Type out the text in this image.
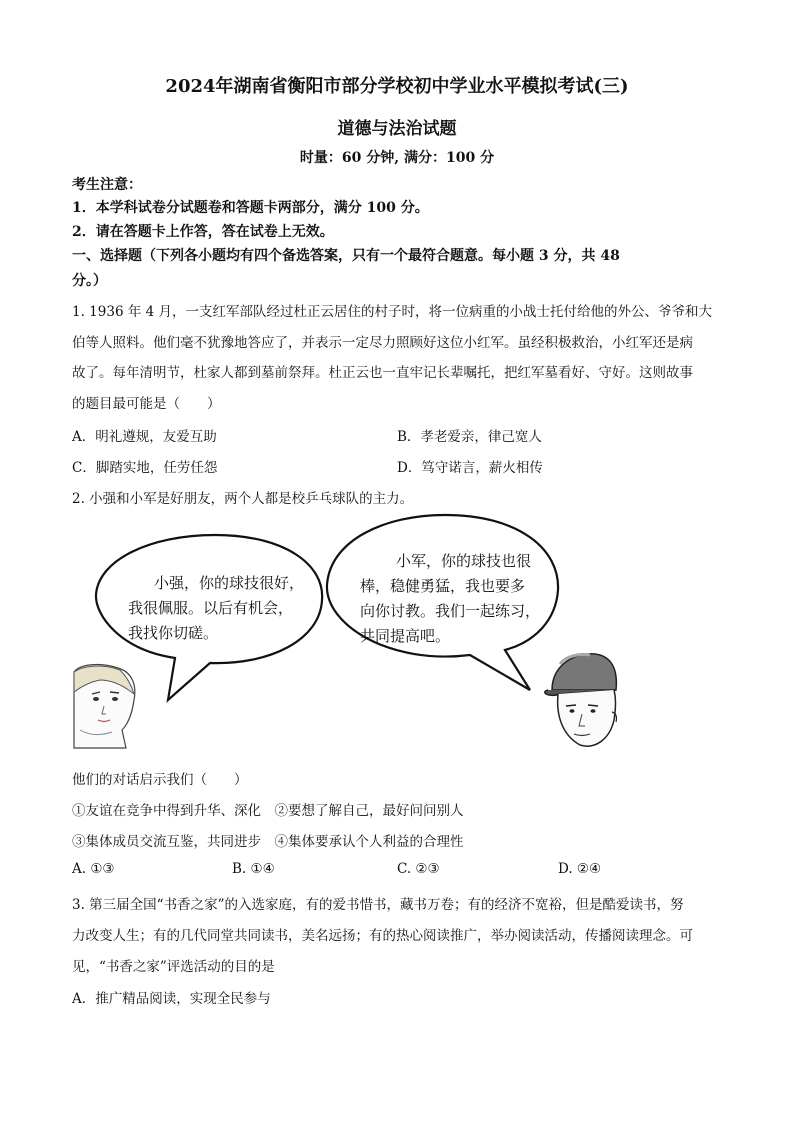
2024年湖南省衡阳市部分学校初中学业水平模拟考试(三)
道德与法治试题
时量：60 分钟, 满分：100 分
考生注意：
1．本学科试卷分试题卷和答题卡两部分，满分 100 分。
2．请在答题卡上作答，答在试卷上无效。
一、选择题（下列各小题均有四个备选答案，只有一个最符合题意。每小题 3 分，共 48
分。）
1. 1936 年 4 月，一支红军部队经过杜正云居住的村子时，将一位病重的小战士托付给他的外公、爷爷和大
伯等人照料。他们毫不犹豫地答应了，并表示一定尽力照顾好这位小红军。虽经积极救治，小红军还是病
故了。每年清明节，杜家人都到墓前祭拜。杜正云也一直牢记长辈嘱托，把红军墓看好、守好。这则故事
的题目最可能是（　　）
A．明礼遵规，友爱互助	B．孝老爱亲，律己宽人
C．脚踏实地，任劳任怨	D．笃守诺言，薪火相传
2. 小强和小军是好朋友，两个人都是校乒乓球队的主力。
小强，你的球技很好，
我很佩服。以后有机会，
我找你切磋。
小军，你的球技也很
棒，稳健勇猛，我也要多
向你讨教。我们一起练习，
共同提高吧。
他们的对话启示我们（　　）
①友谊在竞争中得到升华、深化　②要想了解自己，最好问问别人
③集体成员交流互鉴，共同进步　④集体要承认个人利益的合理性
A. ①③	B. ①④	C. ②③	D. ②④
3. 第三届全国“书香之家”的入选家庭，有的爱书惜书，藏书万卷；有的经济不宽裕，但是酷爱读书，努
力改变人生；有的几代同堂共同读书，美名远扬；有的热心阅读推广，举办阅读活动，传播阅读理念。可
见，“书香之家”评选活动的目的是
A．推广精品阅读，实现全民参与
